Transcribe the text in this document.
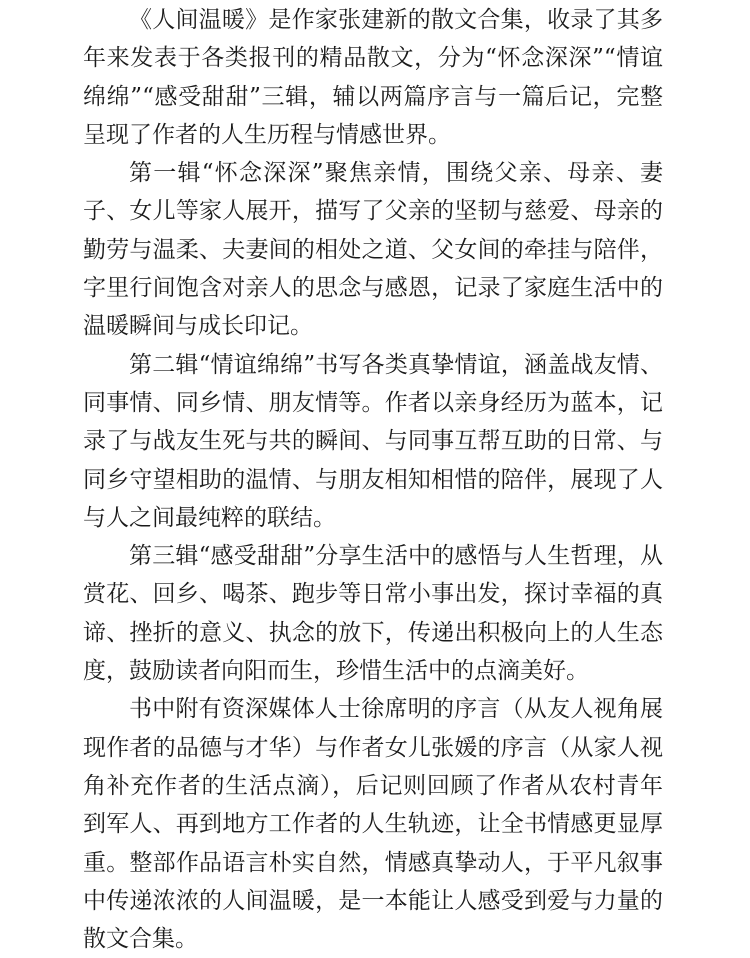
《人间温暖》是作家张建新的散文合集，收录了其多年来发表于各类报刊的精品散文，分为“怀念深深”“情谊绵绵”“感受甜甜”三辑，辅以两篇序言与一篇后记，完整呈现了作者的人生历程与情感世界。

第一辑“怀念深深”聚焦亲情，围绕父亲、母亲、妻子、女儿等家人展开，描写了父亲的坚韧与慈爱、母亲的勤劳与温柔、夫妻间的相处之道、父女间的牵挂与陪伴，字里行间饱含对亲人的思念与感恩，记录了家庭生活中的温暖瞬间与成长印记。

第二辑“情谊绵绵”书写各类真挚情谊，涵盖战友情、同事情、同乡情、朋友情等。作者以亲身经历为蓝本，记录了与战友生死与共的瞬间、与同事互帮互助的日常、与同乡守望相助的温情、与朋友相知相惜的陪伴，展现了人与人之间最纯粹的联结。

第三辑“感受甜甜”分享生活中的感悟与人生哲理，从赏花、回乡、喝茶、跑步等日常小事出发，探讨幸福的真谛、挫折的意义、执念的放下，传递出积极向上的人生态度，鼓励读者向阳而生，珍惜生活中的点滴美好。

书中附有资深媒体人士徐席明的序言（从友人视角展现作者的品德与才华）与作者女儿张媛的序言（从家人视角补充作者的生活点滴），后记则回顾了作者从农村青年到军人、再到地方工作者的人生轨迹，让全书情感更显厚重。整部作品语言朴实自然，情感真挚动人，于平凡叙事中传递浓浓的人间温暖，是一本能让人感受到爱与力量的散文合集。
